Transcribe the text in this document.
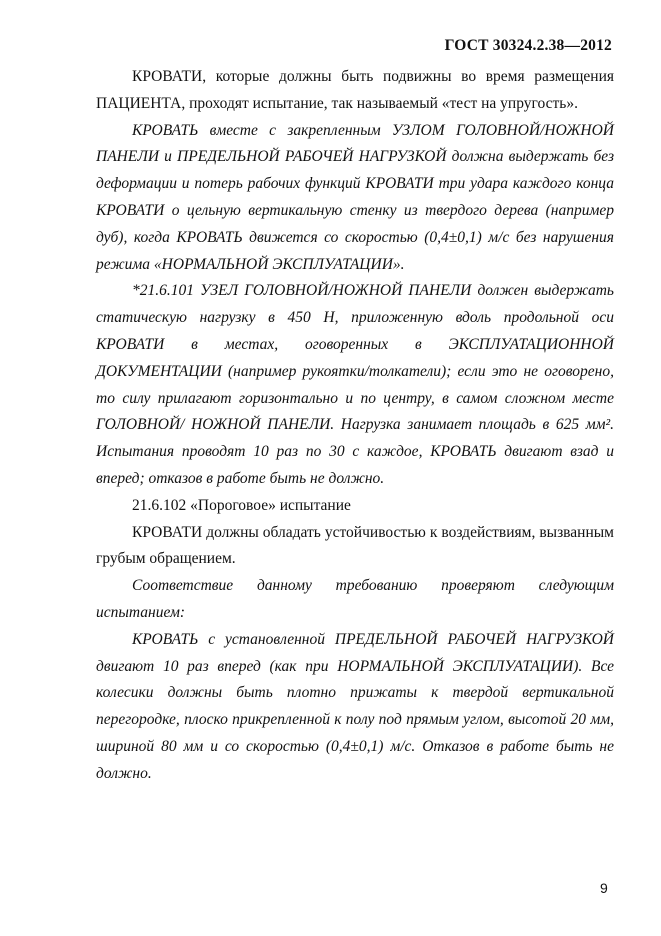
ГОСТ 30324.2.38—2012

КРОВАТИ, которые должны быть подвижны во время размещения ПАЦИЕНТА, проходят испытание, так называемый «тест на упругость».

КРОВАТЬ вместе с закрепленным УЗЛОМ ГОЛОВНОЙ/НОЖНОЙ ПАНЕЛИ и ПРЕДЕЛЬНОЙ РАБОЧЕЙ НАГРУЗКОЙ должна выдержать без деформации и потерь рабочих функций КРОВАТИ три удара каждого конца КРОВАТИ о цельную вертикальную стенку из твердого дерева (например дуб), когда КРОВАТЬ движется со скоростью (0,4±0,1) м/с без нарушения режима «НОРМАЛЬНОЙ ЭКСПЛУАТАЦИИ».

*21.6.101 УЗЕЛ ГОЛОВНОЙ/НОЖНОЙ ПАНЕЛИ должен выдержать статическую нагрузку в 450 Н, приложенную вдоль продольной оси КРОВАТИ в местах, оговоренных в ЭКСПЛУАТАЦИОННОЙ ДОКУМЕНТАЦИИ (например рукоятки/толкатели); если это не оговорено, то силу прилагают горизонтально и по центру, в самом сложном месте ГОЛОВНОЙ/ НОЖНОЙ ПАНЕЛИ. Нагрузка занимает площадь в 625 мм². Испытания проводят 10 раз по 30 с каждое, КРОВАТЬ двигают взад и вперед; отказов в работе быть не должно.

21.6.102 «Пороговое» испытание

КРОВАТИ должны обладать устойчивостью к воздействиям, вызванным грубым обращением.

Соответствие данному требованию проверяют следующим испытанием:

КРОВАТЬ с установленной ПРЕДЕЛЬНОЙ РАБОЧЕЙ НАГРУЗКОЙ двигают 10 раз вперед (как при НОРМАЛЬНОЙ ЭКСПЛУАТАЦИИ). Все колесики должны быть плотно прижаты к твердой вертикальной перегородке, плоско прикрепленной к полу под прямым углом, высотой 20 мм, шириной 80 мм и со скоростью (0,4±0,1) м/с. Отказов в работе быть не должно.

9
